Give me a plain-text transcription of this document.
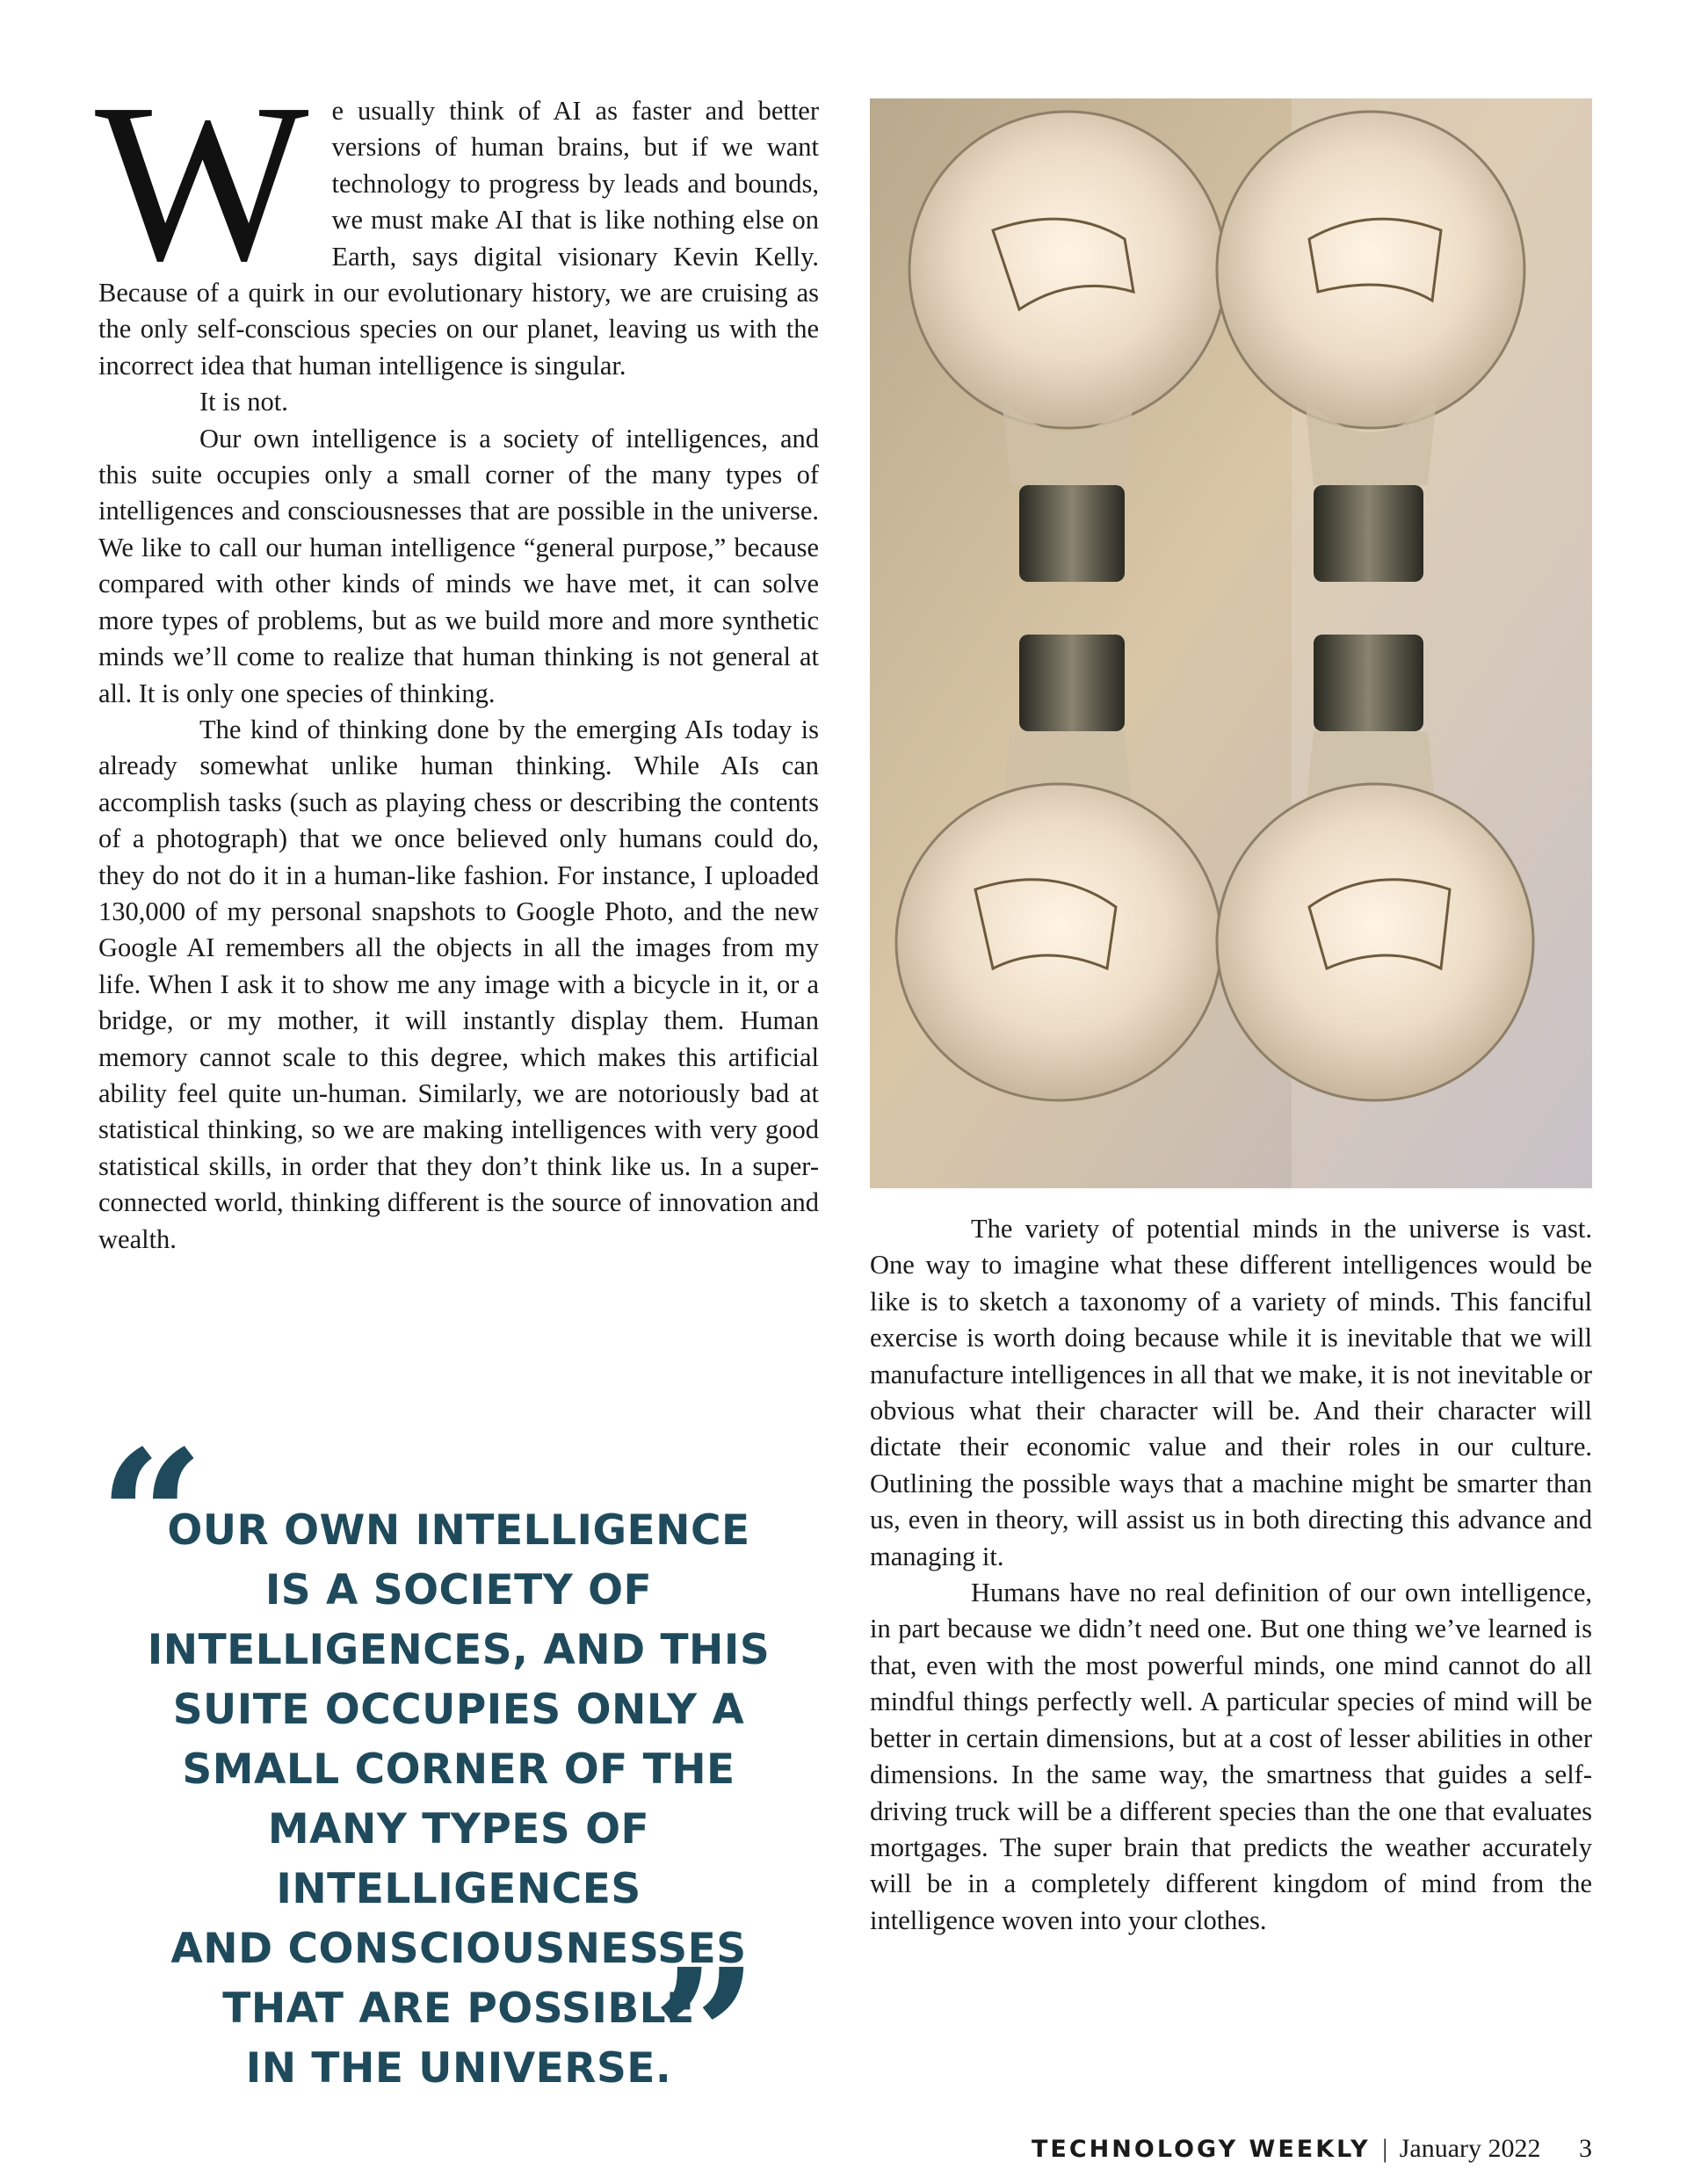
W e usually think of AI as faster and better versions of human brains, but if we want technology to progress by leads and bounds, we must make AI that is like nothing else on Earth, says digital visionary Kevin Kelly. Because of a quirk in our evolutionary history, we are cruising as the only self-conscious species on our planet, leaving us with the incorrect idea that human intelligence is singular.

It is not.

Our own intelligence is a society of intelligences, and this suite occupies only a small corner of the many types of intelligences and consciousnesses that are possible in the universe. We like to call our human intelligence “general purpose,” because compared with other kinds of minds we have met, it can solve more types of problems, but as we build more and more synthetic minds we’ll come to realize that human thinking is not general at all. It is only one species of thinking.

The kind of thinking done by the emerging AIs today is already somewhat unlike human thinking. While AIs can accomplish tasks (such as playing chess or describing the contents of a photograph) that we once believed only humans could do, they do not do it in a human-like fashion. For instance, I uploaded 130,000 of my personal snapshots to Google Photo, and the new Google AI remembers all the objects in all the images from my life. When I ask it to show me any image with a bicycle in it, or a bridge, or my mother, it will instantly display them. Human memory cannot scale to this degree, which makes this artificial ability feel quite un-human. Similarly, we are notoriously bad at statistical thinking, so we are making intelligences with very good statistical skills, in order that they don’t think like us. In a super-connected world, thinking different is the source of innovation and wealth.	The variety of potential minds in the universe is vast. One way to imagine what these different intelligences would be like is to sketch a taxonomy of a variety of minds. This fanciful exercise is worth doing because while it is inevitable that we will manufacture intelligences in all that we make, it is not inevitable or obvious what their character will be. And their character will dictate their economic value and their roles in our culture. Outlining the possible ways that a machine might be smarter than us, even in theory, will assist us in both directing this advance and managing it.

Humans have no real definition of our own intelligence, in part because we didn’t need one. But one thing we’ve learned is that, even with the most powerful minds, one mind cannot do all mindful things perfectly well. A particular species of mind will be better in certain dimensions, but at a cost of lesser abilities in other dimensions. In the same way, the smartness that guides a self-driving truck will be a different species than the one that evaluates mortgages. The super brain that predicts the weather accurately will be in a completely different kingdom of mind from the intelligence woven into your clothes.

“
OUR OWN INTELLIGENCE
IS A SOCIETY OF
INTELLIGENCES, AND THIS
SUITE OCCUPIES ONLY A
SMALL CORNER OF THE
MANY TYPES OF INTELLIGENCES
AND CONSCIOUSNESSES
THAT ARE POSSIBLE
IN THE UNIVERSE.
”
TECHNOLOGY WEEKLY | January 2022 3
